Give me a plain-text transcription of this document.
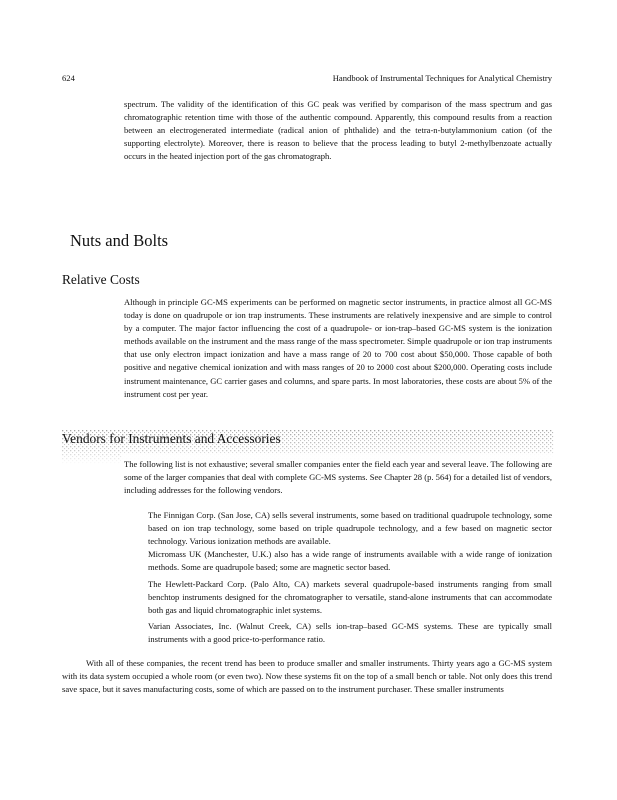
624	Handbook of Instrumental Techniques for Analytical Chemistry

spectrum. The validity of the identification of this GC peak was verified by comparison of the mass spectrum and gas chromatographic retention time with those of the authentic compound. Apparently, this compound results from a reaction between an electrogenerated intermediate (radical anion of phthalide) and the tetra-n-butylammonium cation (of the supporting electrolyte). Moreover, there is reason to believe that the process leading to butyl 2-methylbenzoate actually occurs in the heated injection port of the gas chromatograph.

Nuts and Bolts
Relative Costs

Although in principle GC-MS experiments can be performed on magnetic sector instruments, in practice almost all GC-MS today is done on quadrupole or ion trap instruments. These instruments are relatively inexpensive and are simple to control by a computer. The major factor influencing the cost of a quadrupole- or ion-trap–based GC-MS system is the ionization methods available on the instrument and the mass range of the mass spectrometer. Simple quadrupole or ion trap instruments that use only electron impact ionization and have a mass range of 20 to 700 cost about $50,000. Those capable of both positive and negative chemical ionization and with mass ranges of 20 to 2000 cost about $200,000. Operating costs include instrument maintenance, GC carrier gases and columns, and spare parts. In most laboratories, these costs are about 5% of the instrument cost per year.

Vendors for Instruments and Accessories

The following list is not exhaustive; several smaller companies enter the field each year and several leave. The following are some of the larger companies that deal with complete GC-MS systems. See Chapter 28 (p. 564) for a detailed list of vendors, including addresses for the following vendors.

The Finnigan Corp. (San Jose, CA) sells several instruments, some based on traditional quadrupole technology, some based on ion trap technology, some based on triple quadrupole technology, and a few based on magnetic sector technology. Various ionization methods are available.

Micromass UK (Manchester, U.K.) also has a wide range of instruments available with a wide range of ionization methods. Some are quadrupole based; some are magnetic sector based.

The Hewlett-Packard Corp. (Palo Alto, CA) markets several quadrupole-based instruments ranging from small benchtop instruments designed for the chromatographer to versatile, stand-alone instruments that can accommodate both gas and liquid chromatographic inlet systems.

Varian Associates, Inc. (Walnut Creek, CA) sells ion-trap–based GC-MS systems. These are typically small instruments with a good price-to-performance ratio.

With all of these companies, the recent trend has been to produce smaller and smaller instruments. Thirty years ago a GC-MS system with its data system occupied a whole room (or even two). Now these systems fit on the top of a small bench or table. Not only does this trend save space, but it saves manufacturing costs, some of which are passed on to the instrument purchaser. These smaller instruments
